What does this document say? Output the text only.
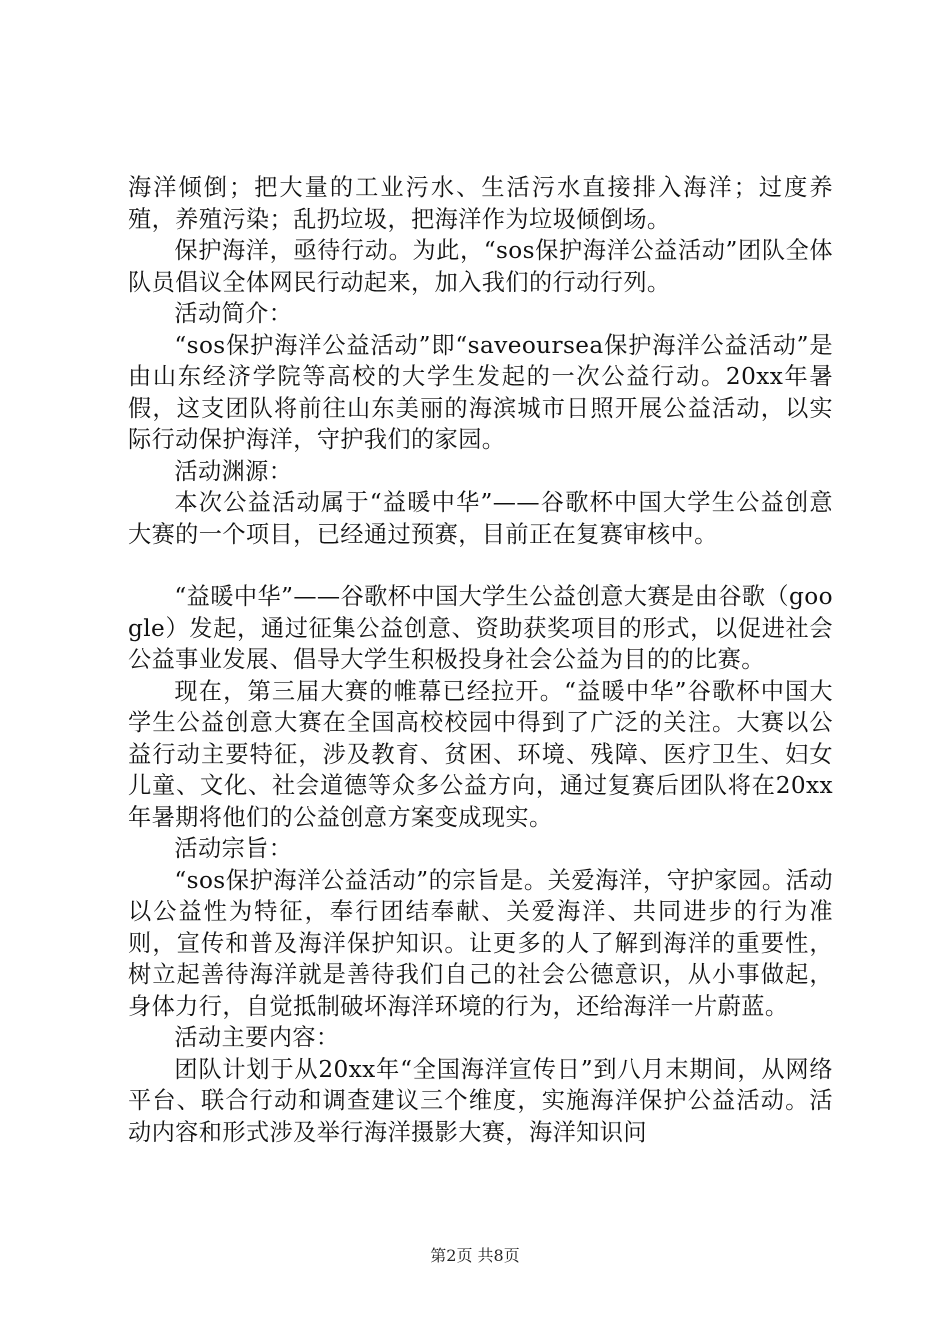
海洋倾倒；把大量的工业污水、生活污水直接排入海洋；过度养殖，养殖污染；乱扔垃圾，把海洋作为垃圾倾倒场。

保护海洋，亟待行动。为此，“sos保护海洋公益活动”团队全体队员倡议全体网民行动起来，加入我们的行动行列。

活动简介：

“sos保护海洋公益活动”即“saveoursea保护海洋公益活动”是由山东经济学院等高校的大学生发起的一次公益行动。20xx年暑假，这支团队将前往山东美丽的海滨城市日照开展公益活动，以实际行动保护海洋，守护我们的家园。

活动渊源：

本次公益活动属于“益暖中华”——谷歌杯中国大学生公益创意大赛的一个项目，已经通过预赛，目前正在复赛审核中。

“益暖中华”——谷歌杯中国大学生公益创意大赛是由谷歌（google）发起，通过征集公益创意、资助获奖项目的形式，以促进社会公益事业发展、倡导大学生积极投身社会公益为目的的比赛。

现在，第三届大赛的帷幕已经拉开。“益暖中华”谷歌杯中国大学生公益创意大赛在全国高校校园中得到了广泛的关注。大赛以公益行动主要特征，涉及教育、贫困、环境、残障、医疗卫生、妇女儿童、文化、社会道德等众多公益方向，通过复赛后团队将在20xx年暑期将他们的公益创意方案变成现实。

活动宗旨：

“sos保护海洋公益活动”的宗旨是。关爱海洋，守护家园。活动以公益性为特征，奉行团结奉献、关爱海洋、共同进步的行为准则，宣传和普及海洋保护知识。让更多的人了解到海洋的重要性，树立起善待海洋就是善待我们自己的社会公德意识，从小事做起，身体力行，自觉抵制破坏海洋环境的行为，还给海洋一片蔚蓝。

活动主要内容：

团队计划于从20xx年“全国海洋宣传日”到八月末期间，从网络平台、联合行动和调查建议三个维度，实施海洋保护公益活动。活动内容和形式涉及举行海洋摄影大赛，海洋知识问

第2页 共8页
